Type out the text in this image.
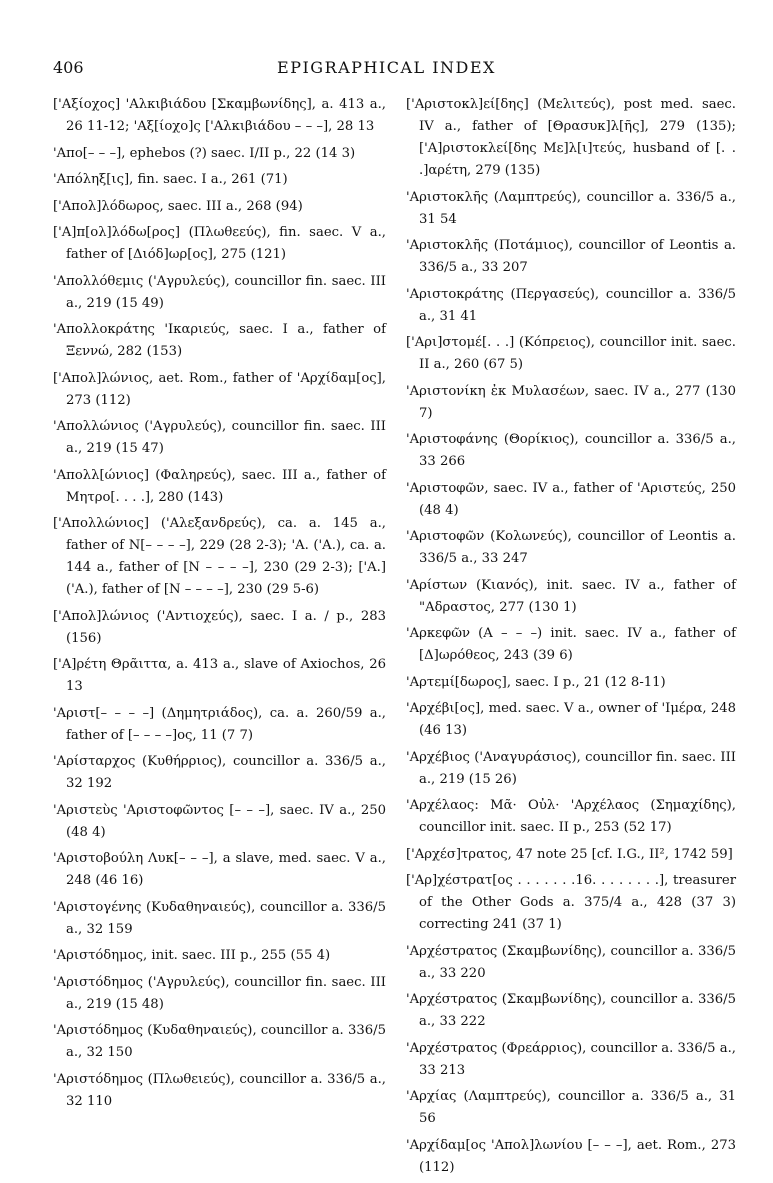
406	EPIGRAPHICAL INDEX

['Αξίοχος] 'Αλκιβιάδου [Σκαμβωνίδης], a. 413 a., 26 11-12; 'Αξ[ίοχο]ς ['Αλκιβιάδου – – –], 28 13

'Απο[– – –], ephebos (?) saec. I/II p., 22 (14 3)

'Απόληξ[ις], fin. saec. I a., 261 (71)

['Απολ]λόδωρος, saec. III a., 268 (94)

['Α]π[ολ]λόδω[ρος] (Πλωθεεύς), fin. saec. V a., father of [Διόδ]ωρ[ος], 275 (121)

'Απολλόθεμις ('Αγρυλεύς), councillor fin. saec. III a., 219 (15 49)

'Απολλοκράτης 'Ικαριεύς, saec. I a., father of Ξεννώ, 282 (153)

['Απολ]λώνιος, aet. Rom., father of 'Αρχίδαμ[ος], 273 (112)

'Απολλώνιος ('Αγρυλεύς), councillor fin. saec. III a., 219 (15 47)

'Απολλ[ώνιος] (Φαληρεύς), saec. III a., father of Μητρο[. . . .], 280 (143)

['Απολλώνιος] ('Αλεξανδρεύς), ca. a. 145 a., father of N[– – – –], 229 (28 2-3); 'A. ('A.), ca. a. 144 a., father of [N – – – –], 230 (29 2-3); ['A.] ('A.), father of [N – – – –], 230 (29 5-6)

['Απολ]λώνιος ('Αντιοχεύς), saec. I a. / p., 283 (156)

['Α]ρέτη Θρᾶιττα, a. 413 a., slave of Axiochos, 26 13

'Αριστ[– – – –] (Δημητριάδος), ca. a. 260/59 a., father of [– – – –]ος, 11 (7 7)

'Αρίσταρχος (Κυθήρριος), councillor a. 336/5 a., 32 192

'Αριστεὺς 'Αριστοφῶντος [– – –], saec. IV a., 250 (48 4)

'Αριστοβούλη Λυκ[– – –], a slave, med. saec. V a., 248 (46 16)

'Αριστογένης (Κυδαθηναιεύς), councillor a. 336/5 a., 32 159

'Αριστόδημος, init. saec. III p., 255 (55 4)

'Αριστόδημος ('Αγρυλεύς), councillor fin. saec. III a., 219 (15 48)

'Αριστόδημος (Κυδαθηναιεύς), councillor a. 336/5 a., 32 150

'Αριστόδημος (Πλωθειεύς), councillor a. 336/5 a., 32 110

['Αριστοκλ]εί[δης] (Μελιτεύς), post med. saec. IV a., father of [Θρασυκ]λ[ῆς], 279 (135); ['Α]ριστοκλεί[δης Με]λ[ι]τεύς, husband of [. . .]αρέτη, 279 (135)

'Αριστοκλῆς (Λαμπτρεύς), councillor a. 336/5 a., 31 54

'Αριστοκλῆς (Ποτάμιος), councillor of Leontis a. 336/5 a., 33 207

'Αριστοκράτης (Περγασεύς), councillor a. 336/5 a., 31 41

['Αρι]στομέ[. . .] (Κόπρειος), councillor init. saec. II a., 260 (67 5)

'Αριστονίκη ἐκ Μυλασέων, saec. IV a., 277 (130 7)

'Αριστοφάνης (Θορίκιος), councillor a. 336/5 a., 33 266

'Αριστοφῶν, saec. IV a., father of 'Αριστεύς, 250 (48 4)

'Αριστοφῶν (Κολωνεύς), councillor of Leontis a. 336/5 a., 33 247

'Αρίστων (Κιανός), init. saec. IV a., father of "Αδραστος, 277 (130 1)

'Αρκεφῶν (Α – – –) init. saec. IV a., father of [Δ]ωρόθεος, 243 (39 6)

'Αρτεμί[δωρος], saec. I p., 21 (12 8-11)

'Αρχέβι[ος], med. saec. V a., owner of 'Ιμέρα, 248 (46 13)

'Αρχέβιος ('Αναγυράσιος), councillor fin. saec. III a., 219 (15 26)

'Αρχέλαος: Μᾶ· Οὐλ· 'Αρχέλαος (Σημαχίδης), councillor init. saec. II p., 253 (52 17)

['Αρχέσ]τρατος, 47 note 25 [cf. I.G., II², 1742 59]

['Αρ]χέστρατ[ος . . . . . . .16. . . . . . . .], treasurer of the Other Gods a. 375/4 a., 428 (37 3) correcting 241 (37 1)

'Αρχέστρατος (Σκαμβωνίδης), councillor a. 336/5 a., 33 220

'Αρχέστρατος (Σκαμβωνίδης), councillor a. 336/5 a., 33 222

'Αρχέστρατος (Φρεάρριος), councillor a. 336/5 a., 33 213

'Αρχίας (Λαμπτρεύς), councillor a. 336/5 a., 31 56

'Αρχίδαμ[ος 'Απολ]λωνίου [– – –], aet. Rom., 273 (112)
